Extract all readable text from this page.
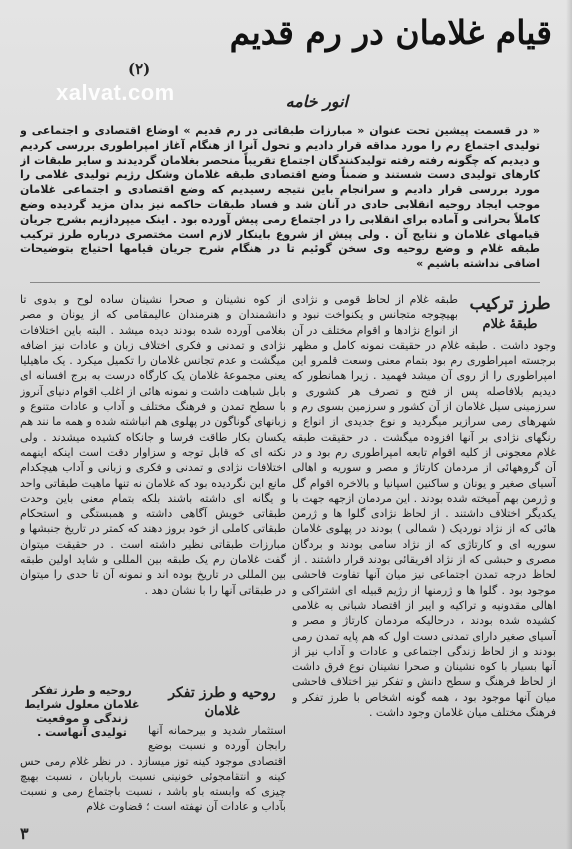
قیام غلامان در رم قدیم
(۲)
xalvat.com	انور خامه
« در قسمت پیشین تحت عنوان « مبارزات طبقاتی در رم قدیم » اوضاع اقتصادی و اجتماعی و تولیدی اجتماع رم را مورد مداقه قرار دادیم و تحول آنرا از هنگام آغاز امپراطوری بررسی کردیم و دیدیم که چگونه رفته رفته تولیدکنندگان اجتماع تقریباً منحصر بغلامان گردیدند و سایر طبقات از کارهای تولیدی دست شستند و ضمناً وضع اقتصادی طبقه غلامان وشکل رژیم تولیدی غلامی را مورد بررسی قرار دادیم و سرانجام باین نتیجه رسیدیم که وضع اقتصادی و اجتماعی غلامان موجب ایجاد روحیه انقلابی حادی در آنان شد و فساد طبقات حاکمه نیز بدان مزید گردیده وضع کاملاً بحرانی و آماده برای انقلابی را در اجتماع رمی پیش آورده بود . اینک میپردازیم بشرح جریان قیامهای غلامان و نتایج آن . ولی پیش از شروع باینکار لازم است مختصری درباره طرز ترکیب طبقه غلام و وضع روحیه وی سخن گوئیم تا در هنگام شرح جریان قیامها احتیاج بتوضیحات اضافی نداشته باشیم »
طرز ترکیب
طبقهٔ غلام
طبقه غلام از لحاظ قومی و نژادی بهیچوجه متجانس و یکنواخت نبود و از انواع نژادها و اقوام مختلف در آن وجود داشت . طبقه غلام در حقیقت نمونه کامل و مظهر برجسته امپراطوری رم بود بتمام معنی وسعت قلمرو این امپراطوری را از روی آن میشد فهمید . زیرا همانطور که دیدیم بلافاصله پس از فتح و تصرف هر کشوری و سرزمینی سیل غلامان از آن کشور و سرزمین بسوی رم و شهرهای رمی سرازیر میگردید و نوع جدیدی از انواع و رنگهای نژادی بر آنها افزوده میگشت . در حقیقت طبقه غلام معجونی از کلیه اقوام تابعه امپراطوری رم بود و در آن گروههائی از مردمان کارتاژ و مصر و سوریه و اهالی آسیای صغیر و یونان و ساکنین اسپانیا و بالاخره اقوام گل و ژرمن بهم آمیخته شده بودند . این مردمان ازجهه جهت با یکدیگر اختلاف داشتند . از لحاظ نژادی گلوا ها و ژرمن هائی که از نژاد نوردیک ( شمالی ) بودند در پهلوی غلامان سوریه ای و کارتاژی که از نژاد سامی بودند و بردگان مصری و حبشی که از نژاد افریقائی بودند قرار داشتند . از لحاظ درجه تمدن اجتماعی نیز میان آنها تفاوت فاحشی موجود بود . گلوا ها و ژرمنها از رژیم قبیله ای اشتراکی و اهالی مقدونیه و تراکیه و ایبر از اقتصاد شبانی به غلامی کشیده شده بودند ، درحالیکه مردمان کارتاژ و مصر و آسیای صغیر دارای تمدنی دست اول که هم پایه تمدن رمی بودند و از لحاظ زندگی اجتماعی و عادات و آداب نیز از آنها بسیار با کوه نشینان و صحرا نشینان نوع فرق داشت از لحاظ فرهنگ و سطح دانش و تفکر نیز اختلاف فاحشی میان آنها موجود بود ، همه گونه اشخاص با طرز تفکر و فرهنگ مختلف میان غلامان وجود داشت .
از کوه نشینان و صحرا نشینان ساده لوح و بدوی تا دانشمندان و هنرمندان عالیمقامی که از یونان و مصر بغلامی آورده شده بودند دیده میشد . البته باین اختلافات نژادی و تمدنی و فکری اختلاف زبان و عادات نیز اضافه میگشت و عدم تجانس غلامان را تکمیل میکرد . یک ماهیلیا یعنی مجموعهٔ غلامان یک کارگاه درست به برج افسانه ای بابل شباهت داشت و نمونه هائی از اغلب اقوام دنیای آنروز با سطح تمدن و فرهنگ مختلف و آداب و عادات متنوع و زبانهای گوناگون در پهلوی هم انباشته شده و همه ما نند هم یکسان بکار طاقت فرسا و جانکاه کشیده میشدند . ولی نکته ای که قابل توجه و سزاوار دقت است اینکه اینهمه اختلافات نژادی و تمدنی و فکری و زبانی و آداب هیچکدام مانع این نگردیده بود که غلامان نه تنها ماهیت طبقاتی واحد و یگانه ای داشته باشند بلکه بتمام معنی باین وحدت طبقاتی خویش آگاهی داشته و همبستگی و استحکام طبقاتی کاملی از خود بروز دهند که کمتر در تاریخ جنبشها و مبارزات طبقاتی نظیر داشته است . در حقیقت میتوان گفت غلامان رم یک طبقه بین المللی و شاید اولین طبقه بین المللی در تاریخ بوده اند و نمونه آن تا حدی را میتوان در طبقاتی آنها را با نشان دهد .
روحیه و طرز تفکر
غلامان
روحیه و طرز تفکر غلامان معلول شرایط زندگی و موقعیت تولیدی آنهاست .	استثمار شدید و بیرحمانه آنها رابجان آورده و نسبت بوضع اقتصادی موجود کینه توز میسازد . در نظر غلام رمی حس کینه و انتقامجوئی خونینی نسبت باربابان ، نسبت بهیچ چیزی که وابسته باو باشد ، نسبت باجتماع رمی و نسبت بآداب و عادات آن نهفته است ؛ قضاوت غلام
۳
